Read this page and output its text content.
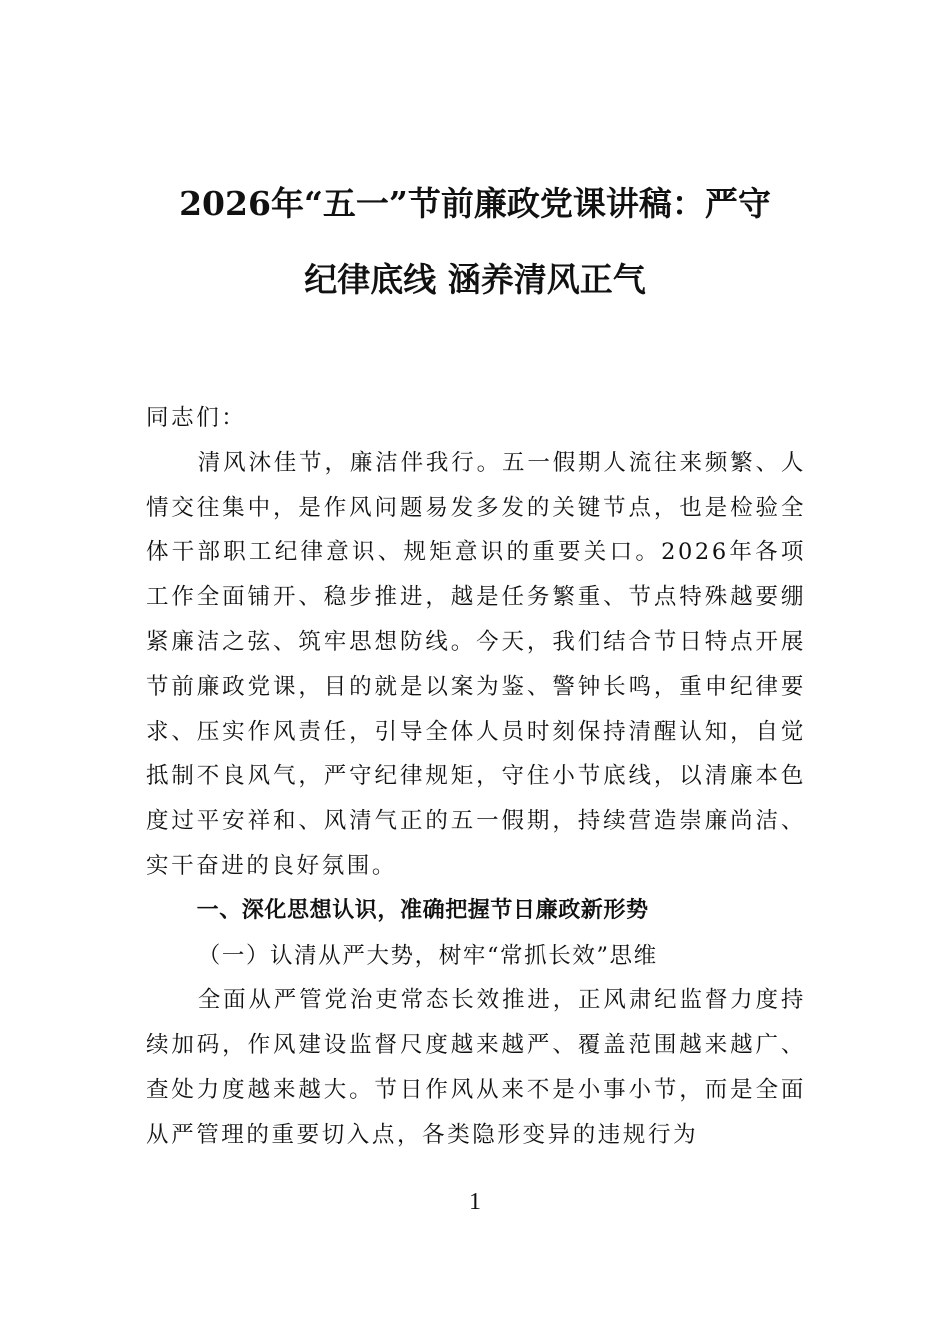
2026年“五一”节前廉政党课讲稿：严守
纪律底线 涵养清风正气

同志们：

清风沐佳节，廉洁伴我行。五一假期人流往来频繁、人情交往集中，是作风问题易发多发的关键节点，也是检验全体干部职工纪律意识、规矩意识的重要关口。2026年各项工作全面铺开、稳步推进，越是任务繁重、节点特殊越要绷紧廉洁之弦、筑牢思想防线。今天，我们结合节日特点开展节前廉政党课，目的就是以案为鉴、警钟长鸣，重申纪律要求、压实作风责任，引导全体人员时刻保持清醒认知，自觉抵制不良风气，严守纪律规矩，守住小节底线，以清廉本色度过平安祥和、风清气正的五一假期，持续营造崇廉尚洁、实干奋进的良好氛围。

一、深化思想认识，准确把握节日廉政新形势

（一）认清从严大势，树牢“常抓长效”思维

全面从严管党治吏常态长效推进，正风肃纪监督力度持续加码，作风建设监督尺度越来越严、覆盖范围越来越广、查处力度越来越大。节日作风从来不是小事小节，而是全面从严管理的重要切入点，各类隐形变异的违规行为

1
